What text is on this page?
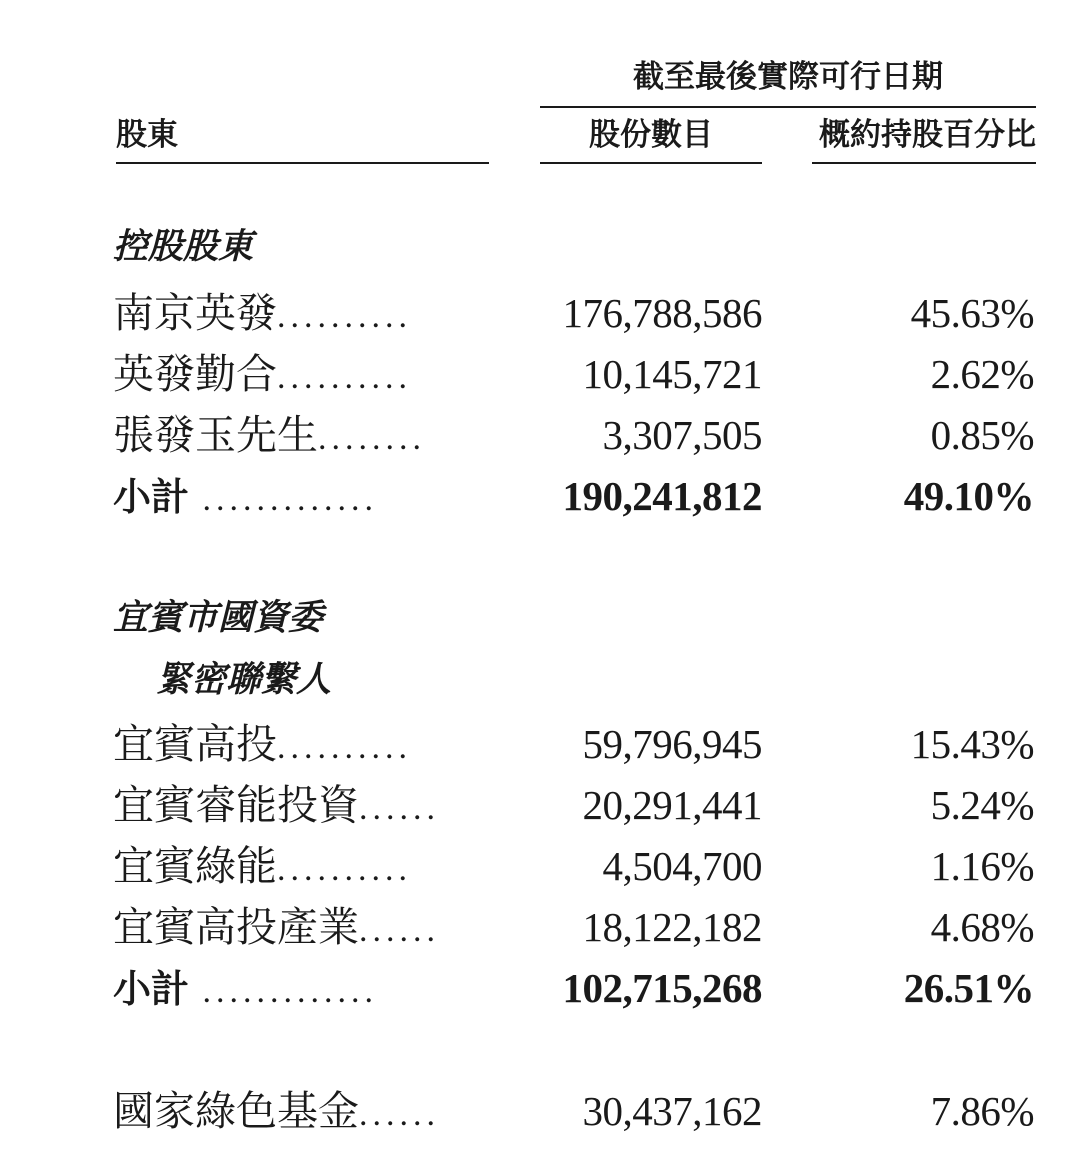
截至最後實際可行日期
股東	股份數目	概約持股百分比
控股股東
南京英發..........	176,788,586	45.63%
英發勤合..........	10,145,721	2.62%
張發玉先生........	3,307,505	0.85%
小計 .............	190,241,812	49.10%
宜賓市國資委
緊密聯繫人
宜賓高投..........	59,796,945	15.43%
宜賓睿能投資......	20,291,441	5.24%
宜賓綠能..........	4,504,700	1.16%
宜賓高投產業......	18,122,182	4.68%
小計 .............	102,715,268	26.51%
國家綠色基金......	30,437,162	7.86%
